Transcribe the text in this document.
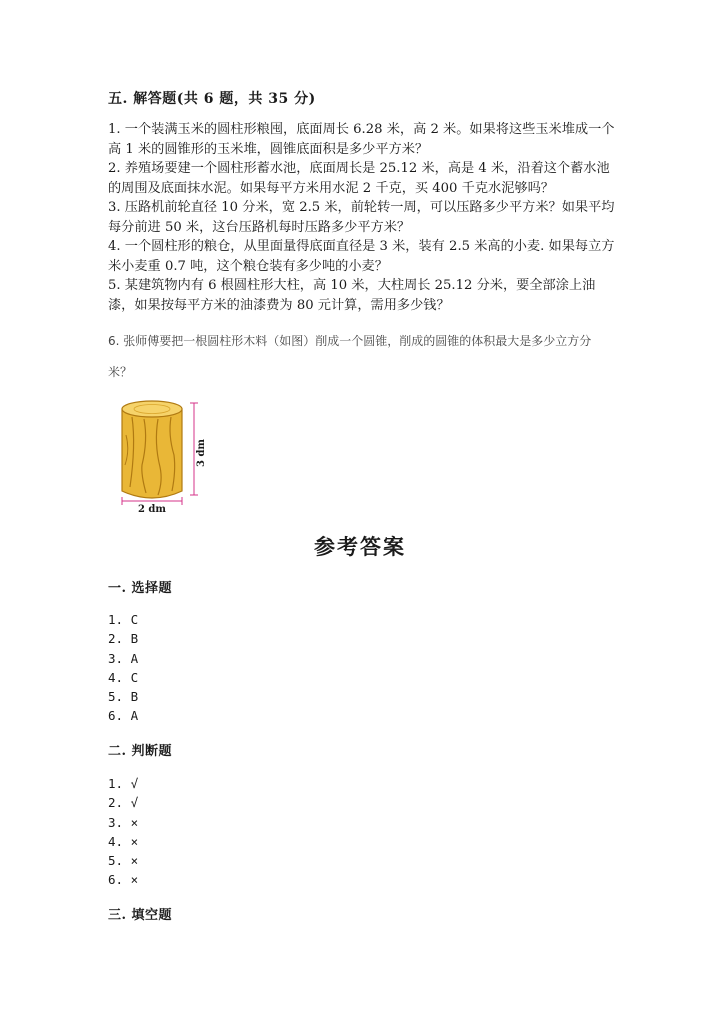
五. 解答题(共 6 题，共 35 分)

1. 一个装满玉米的圆柱形粮囤，底面周长 6.28 米，高 2 米。如果将这些玉米堆成一个高 1 米的圆锥形的玉米堆，圆锥底面积是多少平方米？

2. 养殖场要建一个圆柱形蓄水池，底面周长是 25.12 米，高是 4 米，沿着这个蓄水池的周围及底面抹水泥。如果每平方米用水泥 2 千克，买 400 千克水泥够吗？

3. 压路机前轮直径 10 分米，宽 2.5 米，前轮转一周，可以压路多少平方米？如果平均每分前进 50 米，这台压路机每时压路多少平方米？

4. 一个圆柱形的粮仓，从里面量得底面直径是 3 米，装有 2.5 米高的小麦. 如果每立方米小麦重 0.7 吨，这个粮仓装有多少吨的小麦？

5. 某建筑物内有 6 根圆柱形大柱，高 10 米，大柱周长 25.12 分米，要全部涂上油漆，如果按每平方米的油漆费为 80 元计算，需用多少钱？

6. 张师傅要把一根圆柱形木料（如图）削成一个圆锥，削成的圆锥的体积最大是多少立方分
米？
3 dm
2 dm
参考答案
一. 选择题

1. C

2. B

3. A

4. C

5. B

6. A

二. 判断题

1. √

2. √

3. ×

4. ×

5. ×

6. ×

三. 填空题
